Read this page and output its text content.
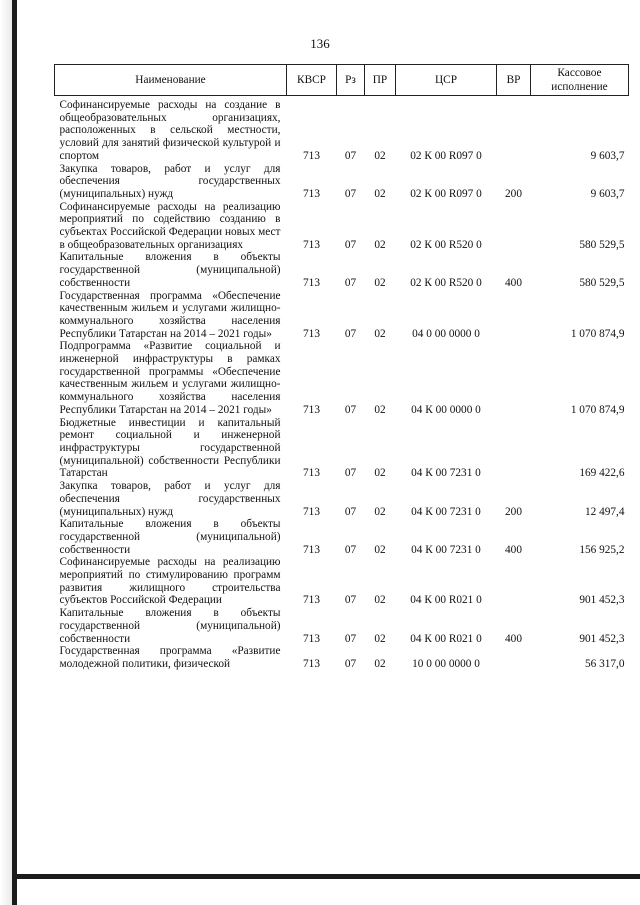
136
Наименование	КВСР	Рз	ПР	ЦСР	ВР	Кассовое исполнение

Софинансируемые расходы на создание в общеобразовательных организациях, расположенных в сельской местности, условий для занятий физической культурой и спортом	713	07	02	02 К 00 R097 0		9 603,7

Закупка товаров, работ и услуг для обеспечения государственных (муниципальных) нужд	713	07	02	02 К 00 R097 0	200	9 603,7

Софинансируемые расходы на реализацию мероприятий по содействию созданию в субъектах Российской Федерации новых мест в общеобразовательных организациях	713	07	02	02 К 00 R520 0		580 529,5

Капитальные вложения в объекты государственной (муниципальной) собственности	713	07	02	02 К 00 R520 0	400	580 529,5

Государственная программа «Обеспечение качественным жильем и услугами жилищно-коммунального хозяйства населения Республики Татарстан на 2014 – 2021 годы»	713	07	02	04 0 00 0000 0		1 070 874,9

Подпрограмма «Развитие социальной и инженерной инфраструктуры в рамках государственной программы «Обеспечение качественным жильем и услугами жилищно-коммунального хозяйства населения Республики Татарстан на 2014 – 2021 годы»	713	07	02	04 К 00 0000 0		1 070 874,9

Бюджетные инвестиции и капитальный ремонт социальной и инженерной инфраструктуры государственной (муниципальной) собственности Республики Татарстан	713	07	02	04 К 00 7231 0		169 422,6

Закупка товаров, работ и услуг для обеспечения государственных (муниципальных) нужд	713	07	02	04 К 00 7231 0	200	12 497,4

Капитальные вложения в объекты государственной (муниципальной) собственности	713	07	02	04 К 00 7231 0	400	156 925,2

Софинансируемые расходы на реализацию мероприятий по стимулированию программ развития жилищного строительства субъектов Российской Федерации	713	07	02	04 К 00 R021 0		901 452,3

Капитальные вложения в объекты государственной (муниципальной) собственности	713	07	02	04 К 00 R021 0	400	901 452,3

Государственная программа «Развитие молодежной политики, физической	713	07	02	10 0 00 0000 0		56 317,0
